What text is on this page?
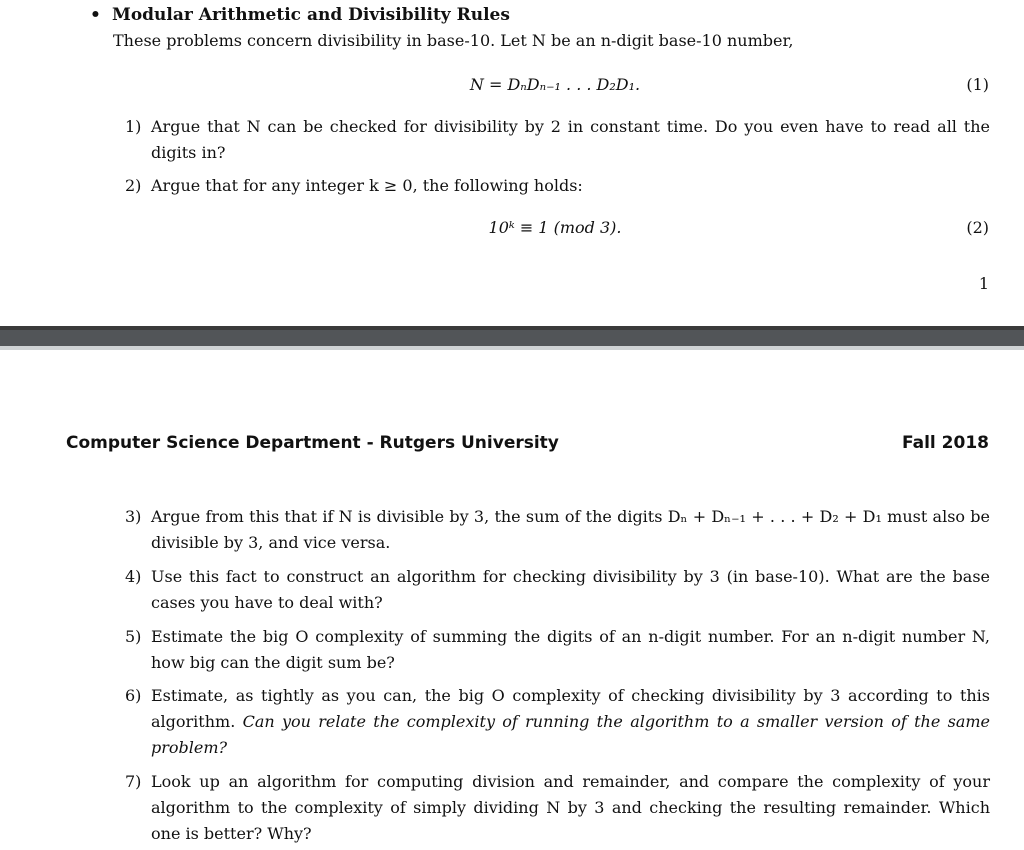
• Modular Arithmetic and Divisibility Rules
These problems concern divisibility in base-10. Let N be an n-digit base-10 number,
N = DₙDₙ₋₁ . . . D₂D₁.	(1)
1) Argue that N can be checked for divisibility by 2 in constant time. Do you even have to read all the digits in?
2) Argue that for any integer k ≥ 0, the following holds:
10ᵏ ≡ 1 (mod 3).	(2)
1
Computer Science Department - Rutgers University	Fall 2018
3) Argue from this that if N is divisible by 3, the sum of the digits Dₙ + Dₙ₋₁ + . . . + D₂ + D₁ must also be divisible by 3, and vice versa.
4) Use this fact to construct an algorithm for checking divisibility by 3 (in base-10). What are the base cases you have to deal with?
5) Estimate the big O complexity of summing the digits of an n-digit number. For an n-digit number N, how big can the digit sum be?
6) Estimate, as tightly as you can, the big O complexity of checking divisibility by 3 according to this algorithm. Can you relate the complexity of running the algorithm to a smaller version of the same problem?
7) Look up an algorithm for computing division and remainder, and compare the complexity of your algorithm to the complexity of simply dividing N by 3 and checking the resulting remainder. Which one is better? Why?
